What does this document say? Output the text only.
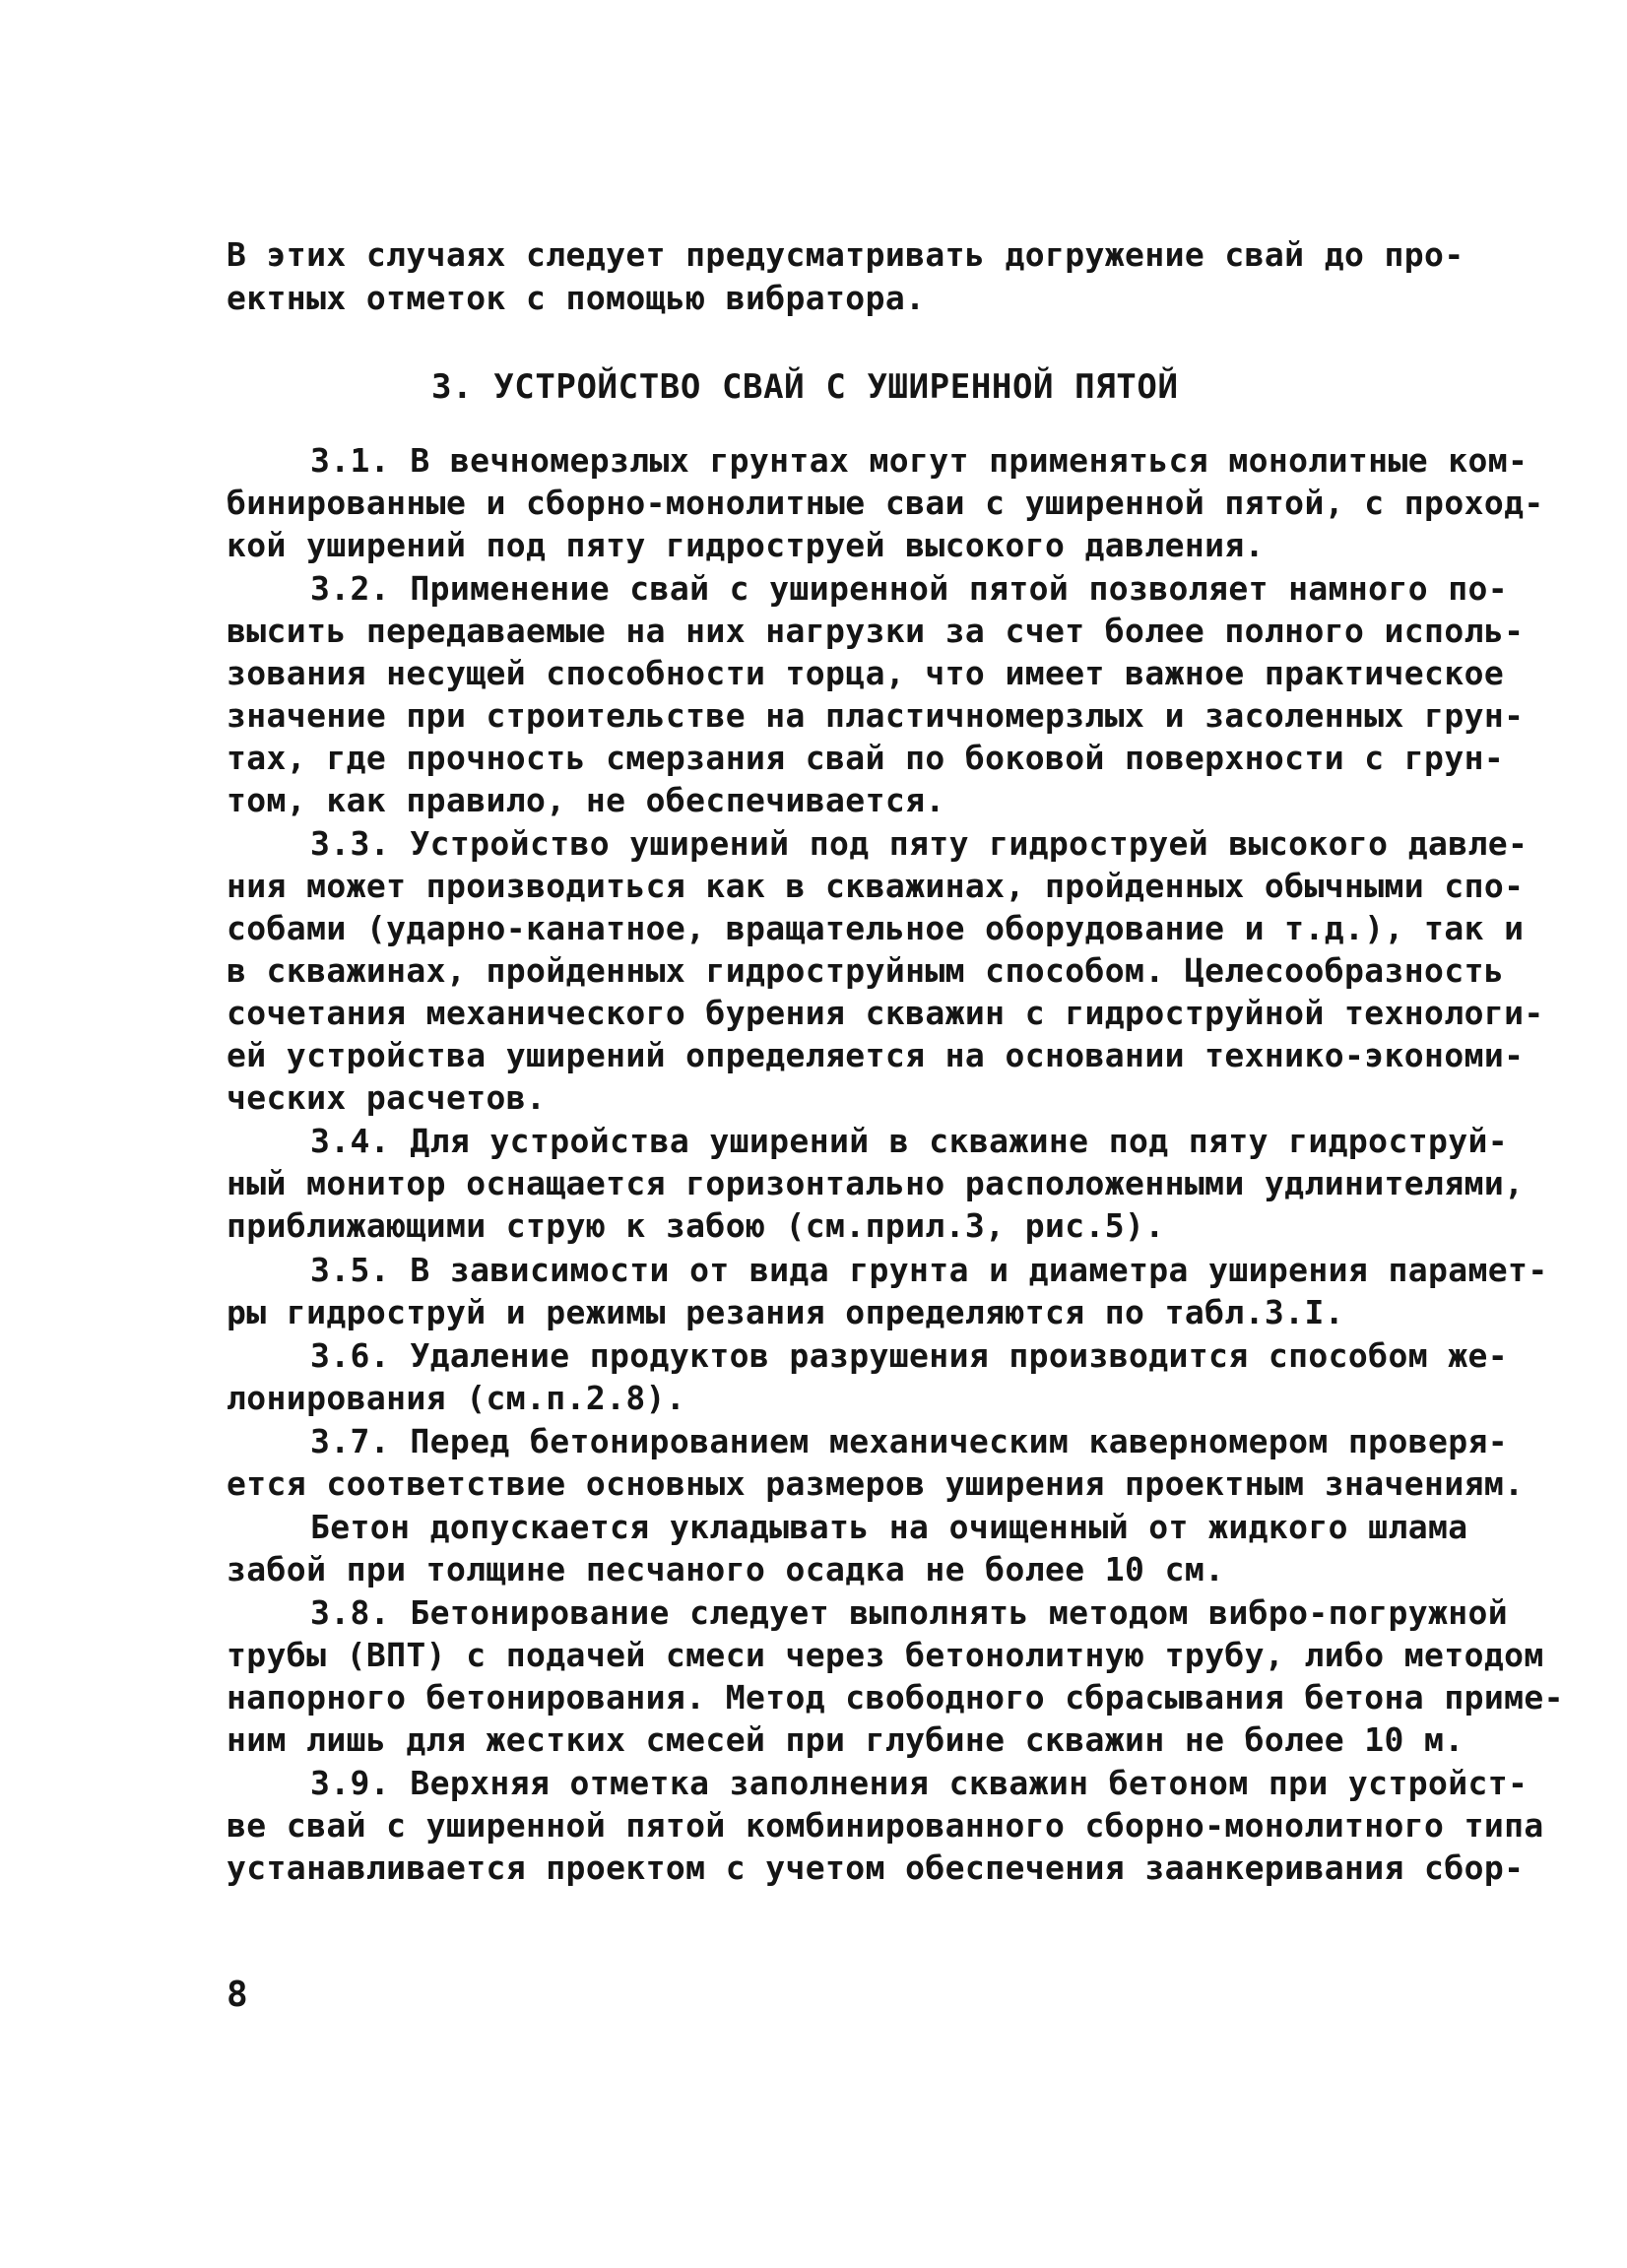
В этих случаях следует предусматривать догружение свай до про-
ектных отметок с помощью вибратора.
3. УСТРОЙСТВО СВАЙ С УШИРЕННОЙ ПЯТОЙ
3.1. В вечномерзлых грунтах могут применяться монолитные ком-
бинированные и сборно-монолитные сваи с уширенной пятой, с проход-
кой уширений под пяту гидроструей высокого давления.
3.2. Применение свай с уширенной пятой позволяет намного по-
высить передаваемые на них нагрузки за счет более полного исполь-
зования несущей способности торца, что имеет важное практическое
значение при строительстве на пластичномерзлых и засоленных грун-
тах, где прочность смерзания свай по боковой поверхности с грун-
том, как правило, не обеспечивается.
3.3. Устройство уширений под пяту гидроструей высокого давле-
ния может производиться как в скважинах, пройденных обычными спо-
собами (ударно-канатное, вращательное оборудование и т.д.), так и
в скважинах, пройденных гидроструйным способом. Целесообразность
сочетания механического бурения скважин с гидроструйной технологи-
ей устройства уширений определяется на основании технико-экономи-
ческих расчетов.
3.4. Для устройства уширений в скважине под пяту гидроструй-
ный монитор оснащается горизонтально расположенными удлинителями,
приближающими струю к забою (см.прил.3, рис.5).
3.5. В зависимости от вида грунта и диаметра уширения парамет-
ры гидроструй и режимы резания определяются по табл.3.I.
3.6. Удаление продуктов разрушения производится способом же-
лонирования (см.п.2.8).
3.7. Перед бетонированием механическим каверномером проверя-
ется соответствие основных размеров уширения проектным значениям.
Бетон допускается укладывать на очищенный от жидкого шлама
забой при толщине песчаного осадка не более 10 см.
3.8. Бетонирование следует выполнять методом вибро-погружной
трубы (ВПТ) с подачей смеси через бетонолитную трубу, либо методом
напорного бетонирования. Метод свободного сбрасывания бетона приме-
ним лишь для жестких смесей при глубине скважин не более 10 м.
3.9. Верхняя отметка заполнения скважин бетоном при устройст-
ве свай с уширенной пятой комбинированного сборно-монолитного типа
устанавливается проектом с учетом обеспечения заанкеривания сбор-
8
